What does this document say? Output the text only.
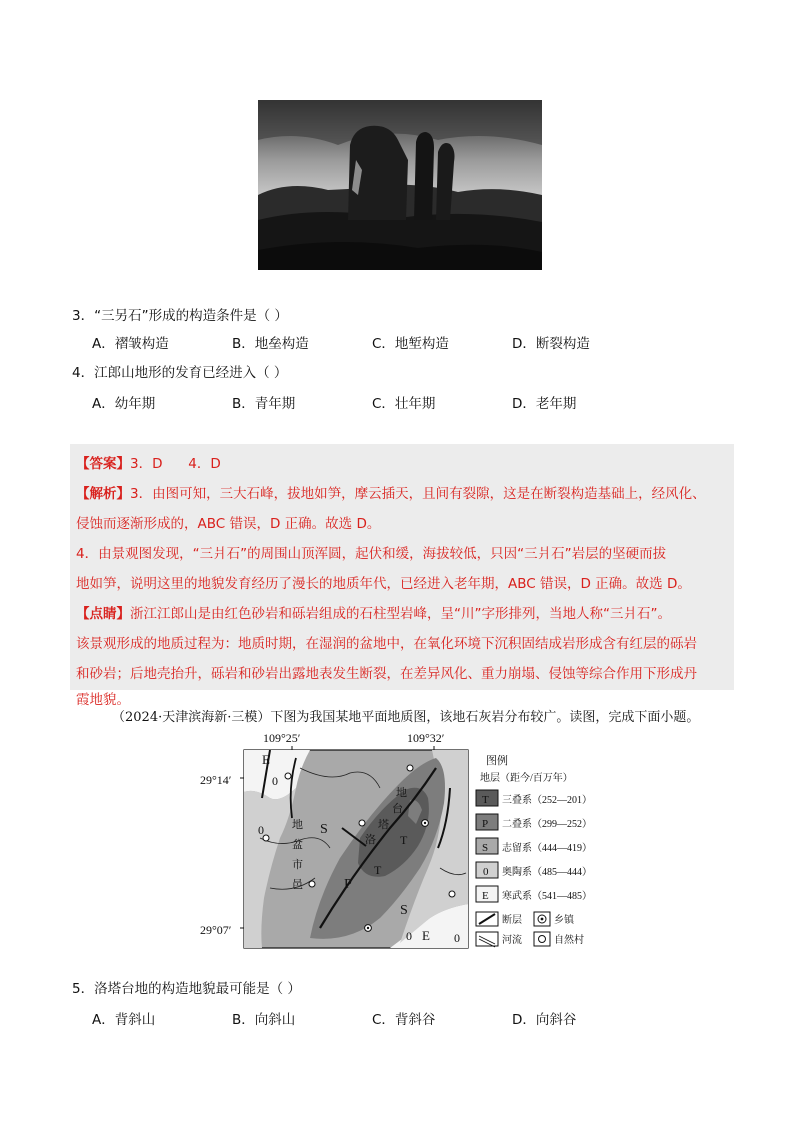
3．“三另石”形成的构造条件是（ ）
A．褶皱构造	B．地垒构造	C．地堑构造	D．断裂构造
4．江郎山地形的发育已经进入（ ）
A．幼年期	B．青年期	C．壮年期	D．老年期
【答案】3．D      4．D
【解析】3．由图可知，三大石峰，拔地如笋，摩云插天，且间有裂隙，这是在断裂构造基础上，经风化、
侵蚀而逐渐形成的，ABC 错误，D 正确。故选 D。
4．由景观图发现，“三爿石”的周围山顶浑圆，起伏和缓，海拔较低，只因“三爿石”岩层的坚硬而拔
地如笋，说明这里的地貌发育经历了漫长的地质年代，已经进入老年期，ABC 错误，D 正确。故选 D。
【点睛】浙江江郎山是由红色砂岩和砾岩组成的石柱型岩峰，呈“川”字形排列，当地人称“三爿石”。
该景观形成的地质过程为：地质时期，在湿润的盆地中，在氧化环境下沉积固结成岩形成含有红层的砾岩
和砂岩；后地壳抬升，砾岩和砂岩出露地表发生断裂，在差异风化、重力崩塌、侵蚀等综合作用下形成丹
霞地貌。
（2024·天津滨海新·三模）下图为我国某地平面地质图，该地石灰岩分布较广。读图，完成下面小题。
109°25′	109°32′
29°14′
29°07′
E
0
0	地
盆
市
邑
S
S
P
T
T
洛
塔
台
地
0 E 0
图例
地层（距今/百万年）
T 三叠系（252—201）
P 二叠系（299—252）
S 志留系（444—419）
0 奥陶系（485—444）
E 寒武系（541—485）
断层	乡镇
河流	自然村
5．洛塔台地的构造地貌最可能是（ ）
A．背斜山	B．向斜山	C．背斜谷	D．向斜谷
